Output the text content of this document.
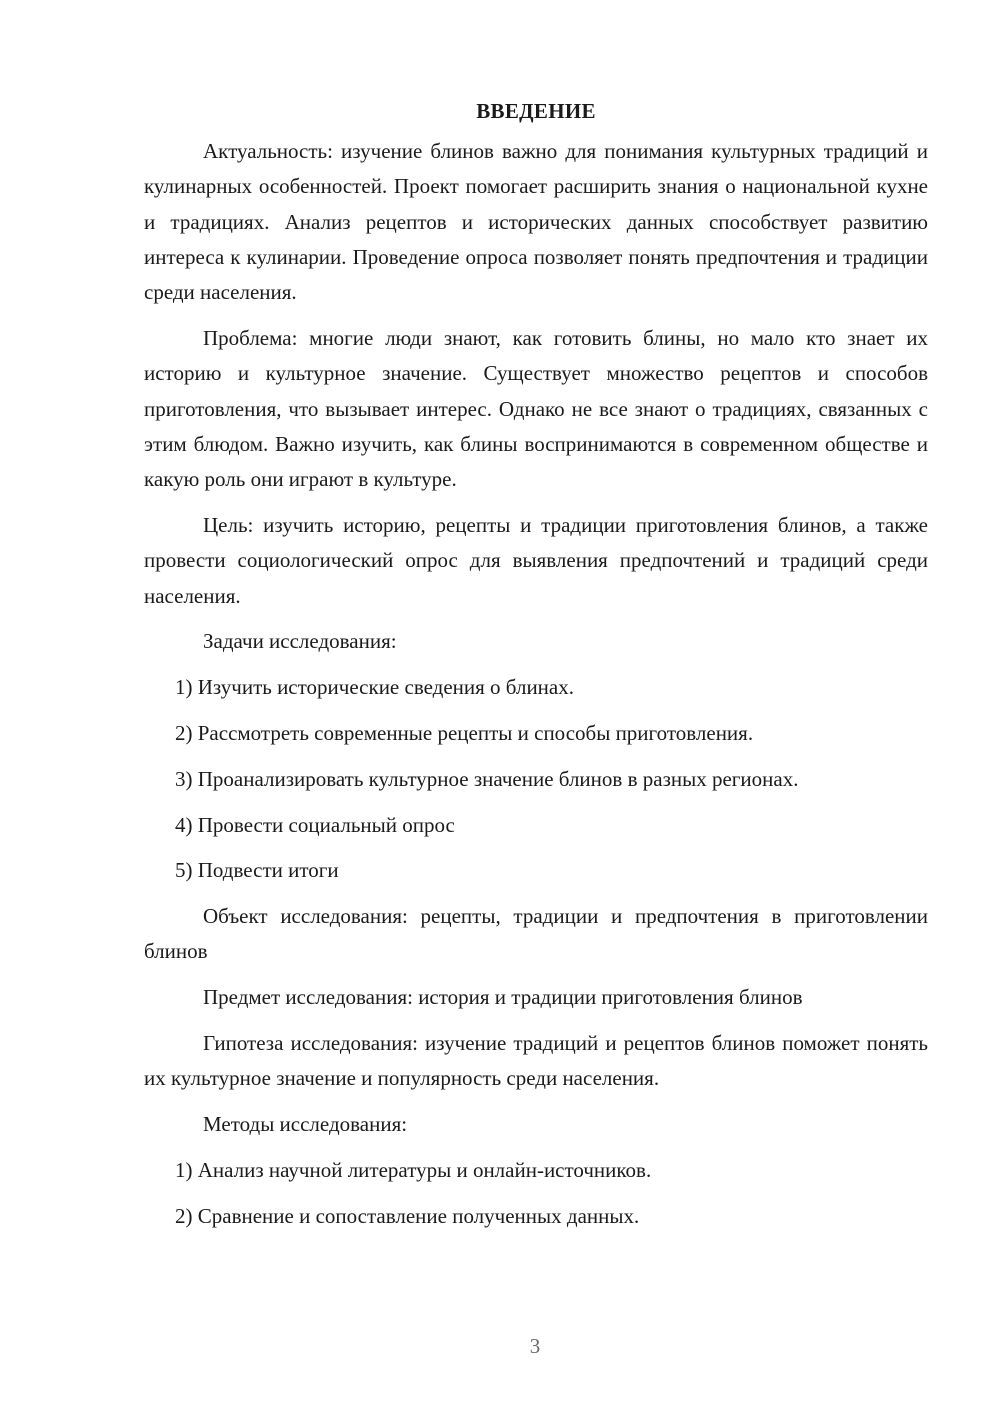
ВВЕДЕНИЕ

Актуальность: изучение блинов важно для понимания культурных традиций и кулинарных особенностей. Проект помогает расширить знания о национальной кухне и традициях. Анализ рецептов и исторических данных способствует развитию интереса к кулинарии. Проведение опроса позволяет понять предпочтения и традиции среди населения.

Проблема: многие люди знают, как готовить блины, но мало кто знает их историю и культурное значение. Существует множество рецептов и способов приготовления, что вызывает интерес. Однако не все знают о традициях, связанных с этим блюдом. Важно изучить, как блины воспринимаются в современном обществе и какую роль они играют в культуре.

Цель: изучить историю, рецепты и традиции приготовления блинов, а также провести социологический опрос для выявления предпочтений и традиций среди населения.

Задачи исследования:

1) Изучить исторические сведения о блинах.
2) Рассмотреть современные рецепты и способы приготовления.
3) Проанализировать культурное значение блинов в разных регионах.
4) Провести социальный опрос
5) Подвести итоги

Объект исследования: рецепты, традиции и предпочтения в приготовлении блинов

Предмет исследования: история и традиции приготовления блинов

Гипотеза исследования: изучение традиций и рецептов блинов поможет понять их культурное значение и популярность среди населения.

Методы исследования:

1) Анализ научной литературы и онлайн-источников.
2) Сравнение и сопоставление полученных данных.
3
